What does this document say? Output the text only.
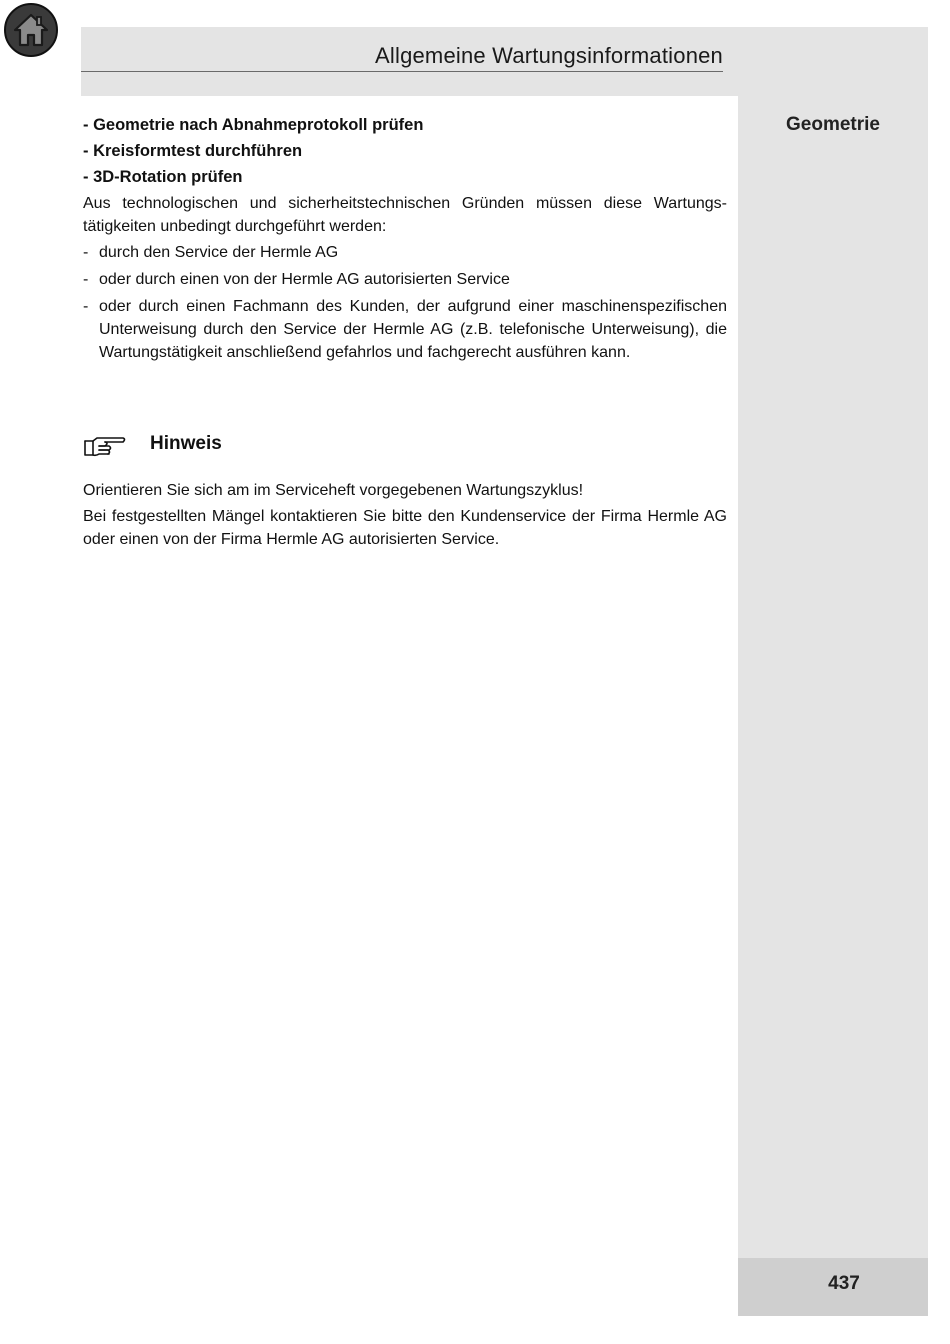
Allgemeine Wartungsinformationen
Geometrie
437

- Geometrie nach Abnahmeprotokoll prüfen

- Kreisformtest durchführen

- 3D-Rotation prüfen

Aus technologischen und sicherheitstechnischen Gründen müssen diese Wartungs-tätigkeiten unbedingt durchgeführt werden:

- durch den Service der Hermle AG
- oder durch einen von der Hermle AG autorisierten Service
- oder durch einen Fachmann des Kunden, der aufgrund einer maschinenspezifischen Unterweisung durch den Service der Hermle AG (z.B. telefonische Unterweisung), die Wartungstätigkeit anschließend gefahrlos und fachgerecht ausführen kann.
Hinweis

Orientieren Sie sich am im Serviceheft vorgegebenen Wartungszyklus!

Bei festgestellten Mängel kontaktieren Sie bitte den Kundenservice der Firma Hermle AG oder einen von der Firma Hermle AG autorisierten Service.
